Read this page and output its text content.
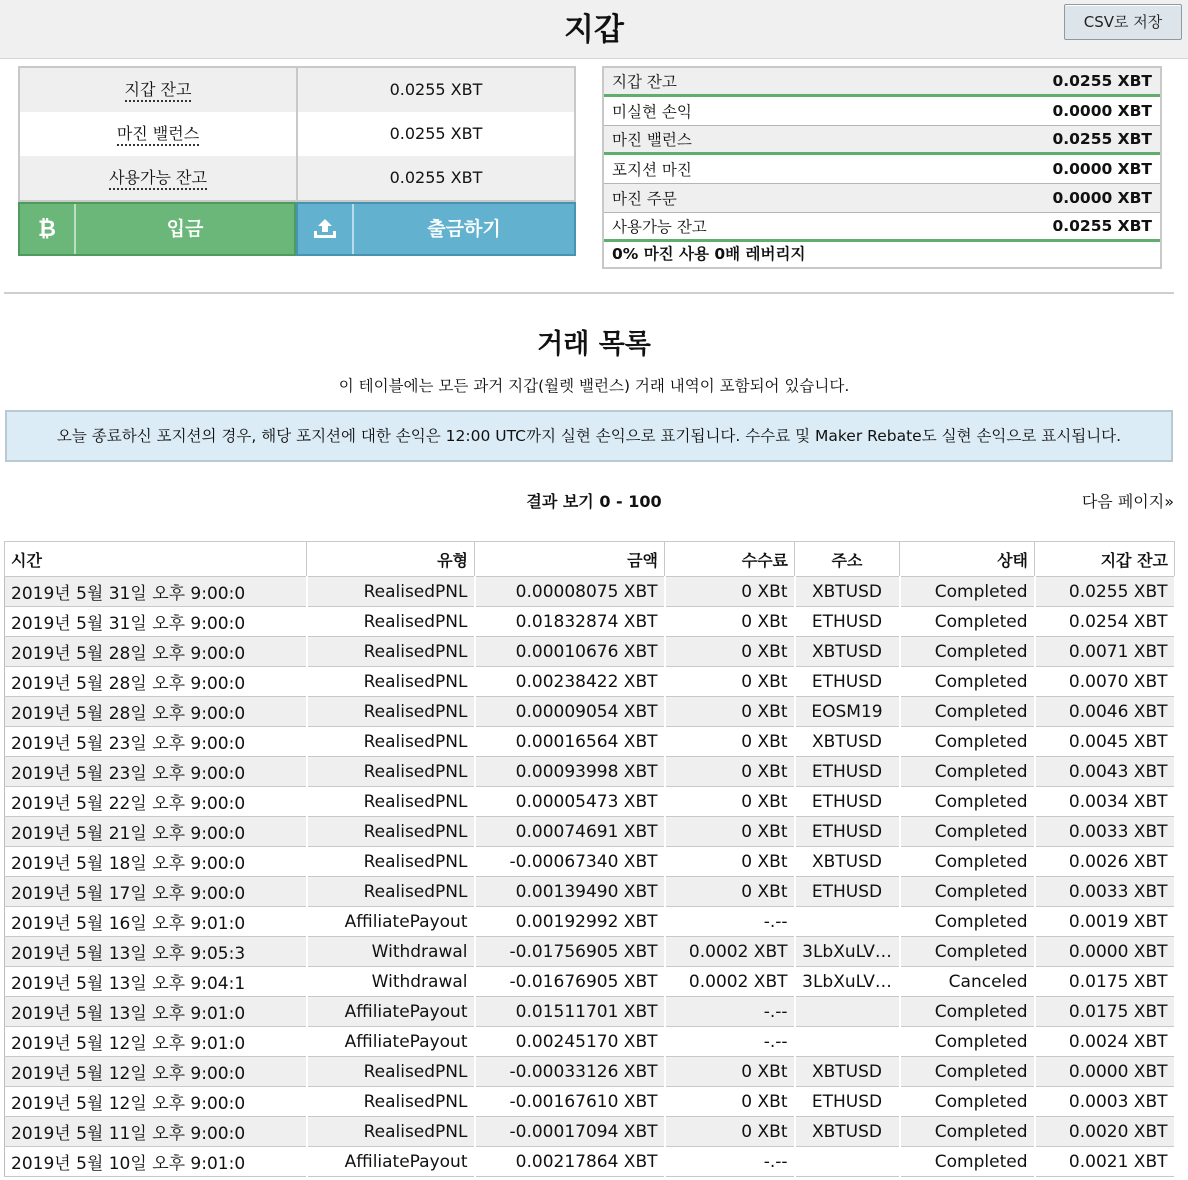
지갑	CSV로 저장
지갑 잔고	0.0255 XBT
마진 밸런스	0.0255 XBT
사용가능 잔고	0.0255 XBT
₿	입금	출금하기
지갑 잔고	0.0255 XBT
미실현 손익	0.0000 XBT
마진 밸런스	0.0255 XBT
포지션 마진	0.0000 XBT
마진 주문	0.0000 XBT
사용가능 잔고	0.0255 XBT
0% 마진 사용 0배 레버리지
거래 목록
이 테이블에는 모든 과거 지갑(월렛 밸런스) 거래 내역이 포함되어 있습니다.
오늘 종료하신 포지션의 경우, 해당 포지션에 대한 손익은 12:00 UTC까지 실현 손익으로 표기됩니다. 수수료 및 Maker Rebate도 실현 손익으로 표시됩니다.
결과 보기 0 - 100	다음 페이지»
시간	유형	금액	수수료	주소	상태	지갑 잔고
2019년 5월 31일 오후 9:00:0	RealisedPNL	0.00008075 XBT	0 XBt	XBTUSD	Completed	0.0255 XBT
2019년 5월 31일 오후 9:00:0	RealisedPNL	0.01832874 XBT	0 XBt	ETHUSD	Completed	0.0254 XBT
2019년 5월 28일 오후 9:00:0	RealisedPNL	0.00010676 XBT	0 XBt	XBTUSD	Completed	0.0071 XBT
2019년 5월 28일 오후 9:00:0	RealisedPNL	0.00238422 XBT	0 XBt	ETHUSD	Completed	0.0070 XBT
2019년 5월 28일 오후 9:00:0	RealisedPNL	0.00009054 XBT	0 XBt	EOSM19	Completed	0.0046 XBT
2019년 5월 23일 오후 9:00:0	RealisedPNL	0.00016564 XBT	0 XBt	XBTUSD	Completed	0.0045 XBT
2019년 5월 23일 오후 9:00:0	RealisedPNL	0.00093998 XBT	0 XBt	ETHUSD	Completed	0.0043 XBT
2019년 5월 22일 오후 9:00:0	RealisedPNL	0.00005473 XBT	0 XBt	ETHUSD	Completed	0.0034 XBT
2019년 5월 21일 오후 9:00:0	RealisedPNL	0.00074691 XBT	0 XBt	ETHUSD	Completed	0.0033 XBT
2019년 5월 18일 오후 9:00:0	RealisedPNL	-0.00067340 XBT	0 XBt	XBTUSD	Completed	0.0026 XBT
2019년 5월 17일 오후 9:00:0	RealisedPNL	0.00139490 XBT	0 XBt	ETHUSD	Completed	0.0033 XBT
2019년 5월 16일 오후 9:01:0	AffiliatePayout	0.00192992 XBT	-.--		Completed	0.0019 XBT
2019년 5월 13일 오후 9:05:3	Withdrawal	-0.01756905 XBT	0.0002 XBT	3LbXuLV…	Completed	0.0000 XBT
2019년 5월 13일 오후 9:04:1	Withdrawal	-0.01676905 XBT	0.0002 XBT	3LbXuLV…	Canceled	0.0175 XBT
2019년 5월 13일 오후 9:01:0	AffiliatePayout	0.01511701 XBT	-.--		Completed	0.0175 XBT
2019년 5월 12일 오후 9:01:0	AffiliatePayout	0.00245170 XBT	-.--		Completed	0.0024 XBT
2019년 5월 12일 오후 9:00:0	RealisedPNL	-0.00033126 XBT	0 XBt	XBTUSD	Completed	0.0000 XBT
2019년 5월 12일 오후 9:00:0	RealisedPNL	-0.00167610 XBT	0 XBt	ETHUSD	Completed	0.0003 XBT
2019년 5월 11일 오후 9:00:0	RealisedPNL	-0.00017094 XBT	0 XBt	XBTUSD	Completed	0.0020 XBT
2019년 5월 10일 오후 9:01:0	AffiliatePayout	0.00217864 XBT	-.--		Completed	0.0021 XBT
